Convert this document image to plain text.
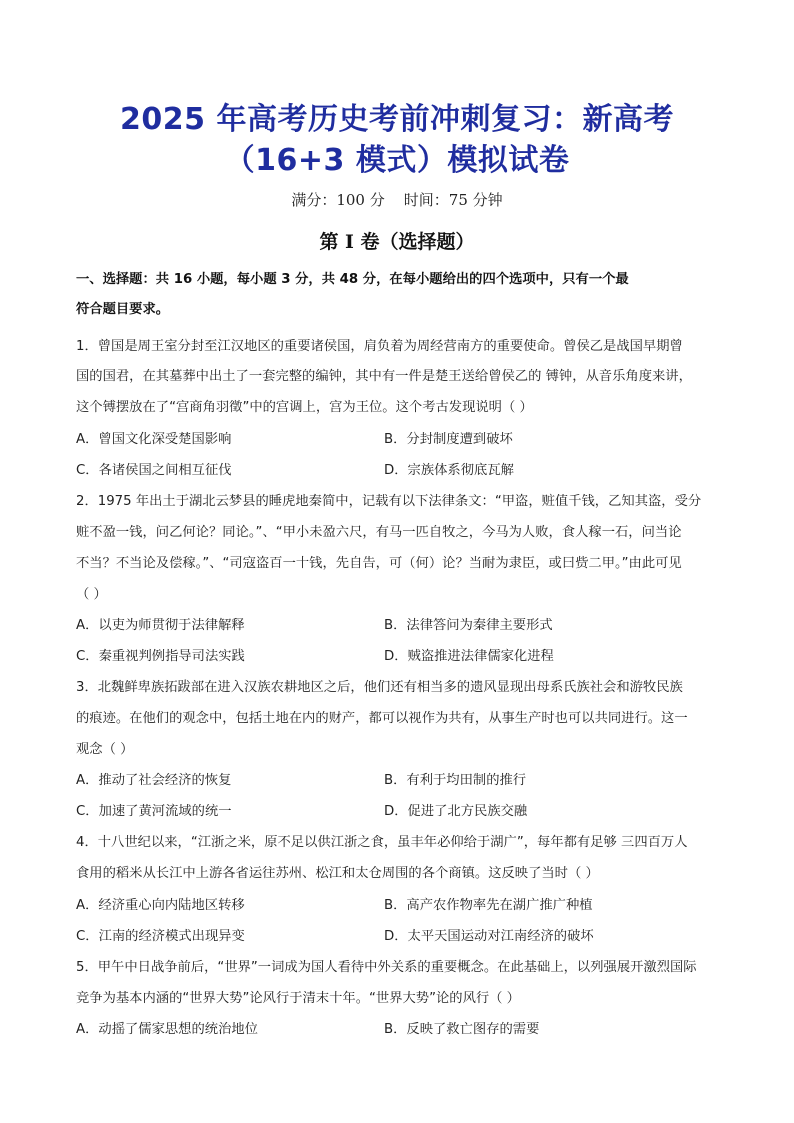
2025 年高考历史考前冲刺复习：新高考
（16+3 模式）模拟试卷
满分：100 分    时间：75 分钟
第 I 卷（选择题）
一、选择题：共 16 小题，每小题 3 分，共 48 分，在每小题给出的四个选项中，只有一个最
符合题目要求。
1．曾国是周王室分封至江汉地区的重要诸侯国，肩负着为周经营南方的重要使命。曾侯乙是战国早期曾
国的国君，在其墓葬中出土了一套完整的编钟，其中有一件是楚王送给曾侯乙的 镈钟，从音乐角度来讲，
这个镈摆放在了“宫商角羽徵”中的宫调上，宫为王位。这个考古发现说明（ ）
A．曾国文化深受楚国影响	B．分封制度遭到破坏
C．各诸侯国之间相互征伐	D．宗族体系彻底瓦解
2．1975 年出土于湖北云梦县的睡虎地秦简中，记载有以下法律条文：“甲盗，赃值千钱，乙知其盗，受分
赃不盈一钱，问乙何论？同论。”、“甲小未盈六尺，有马一匹自牧之，今马为人败，食人稼一石，问当论
不当？不当论及偿稼。”、“司寇盗百一十钱，先自告，可（何）论？当耐为隶臣，或曰赀二甲。”由此可见
（ ）
A．以吏为师贯彻于法律解释	B．法律答问为秦律主要形式
C．秦重视判例指导司法实践	D．贼盗推进法律儒家化进程
3．北魏鲜卑族拓跋部在进入汉族农耕地区之后，他们还有相当多的遗风显现出母系氏族社会和游牧民族
的痕迹。在他们的观念中，包括土地在内的财产，都可以视作为共有，从事生产时也可以共同进行。这一
观念（ ）
A．推动了社会经济的恢复	B．有利于均田制的推行
C．加速了黄河流域的统一	D．促进了北方民族交融
4．十八世纪以来，“江浙之米，原不足以供江浙之食，虽丰年必仰给于湖广”，每年都有足够 三四百万人
食用的稻米从长江中上游各省运往苏州、松江和太仓周围的各个商镇。这反映了当时（ ）
A．经济重心向内陆地区转移	B．高产农作物率先在湖广推广种植
C．江南的经济模式出现异变	D．太平天国运动对江南经济的破坏
5．甲午中日战争前后，“世界”一词成为国人看待中外关系的重要概念。在此基础上，以列强展开激烈国际
竞争为基本内涵的“世界大势”论风行于清末十年。“世界大势”论的风行（ ）
A．动摇了儒家思想的统治地位	B．反映了救亡图存的需要
